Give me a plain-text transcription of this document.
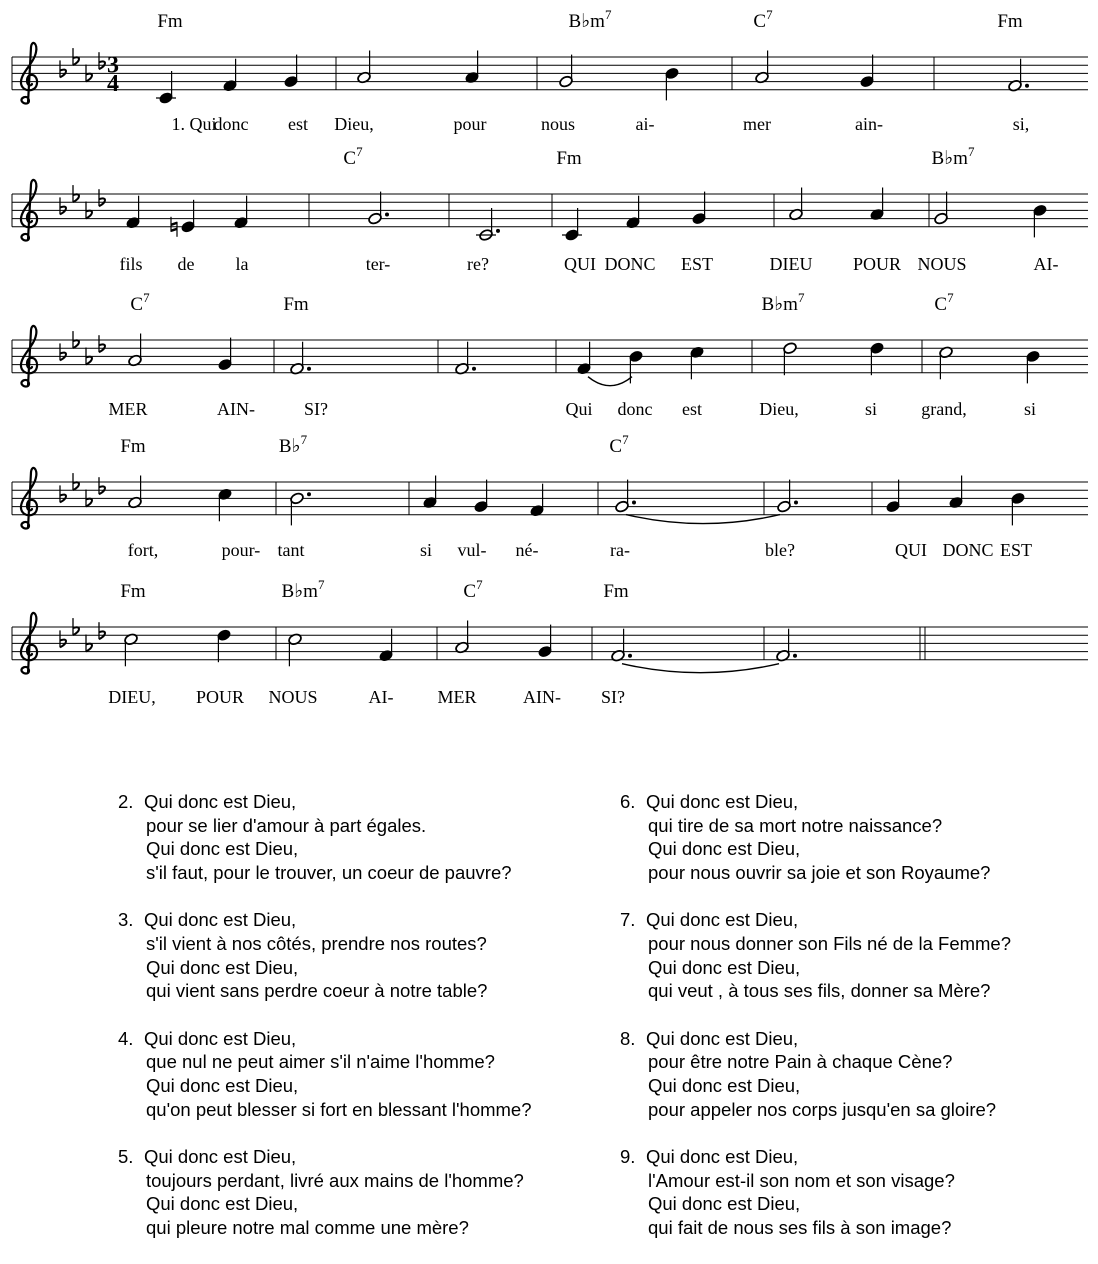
3
4
Fm	$B♭m^7$	$C^7$	Fm
1. Qui
donc est Dieu,	pour	nous	ai-	mer	ain-	si,
$C^7$	Fm	$B♭m^7$
fils de la	ter-	re?	QUI DONC EST	DIEU POUR NOUS	AI-
$C^7$	Fm	$B♭m^7$	$C^7$
MER	AIN-	SI?	Qui donc est	Dieu,	si grand,	si
Fm	B♭$^7$	$C^7$
fort,	pour- tant	si vul- né-	ra-	ble?	QUI DONC EST
Fm	$B♭m^7$	$C^7$	Fm
DIEU, POUR NOUS	AI- MER	AIN- SI?
2. Qui donc est Dieu,
pour se lier d'amour à part égales.
Qui donc est Dieu,
s'il faut, pour le trouver, un coeur de pauvre?
3. Qui donc est Dieu,
s'il vient à nos côtés, prendre nos routes?
Qui donc est Dieu,
qui vient sans perdre coeur à notre table?
4. Qui donc est Dieu,
que nul ne peut aimer s'il n'aime l'homme?
Qui donc est Dieu,
qu'on peut blesser si fort en blessant l'homme?
5. Qui donc est Dieu,
toujours perdant, livré aux mains de l'homme?
Qui donc est Dieu,
qui pleure notre mal comme une mère?
6. Qui donc est Dieu,
qui tire de sa mort notre naissance?
Qui donc est Dieu,
pour nous ouvrir sa joie et son Royaume?
7. Qui donc est Dieu,
pour nous donner son Fils né de la Femme?
Qui donc est Dieu,
qui veut , à tous ses fils, donner sa Mère?
8. Qui donc est Dieu,
pour être notre Pain à chaque Cène?
Qui donc est Dieu,
pour appeler nos corps jusqu'en sa gloire?
9. Qui donc est Dieu,
l'Amour est-il son nom et son visage?
Qui donc est Dieu,
qui fait de nous ses fils à son image?
